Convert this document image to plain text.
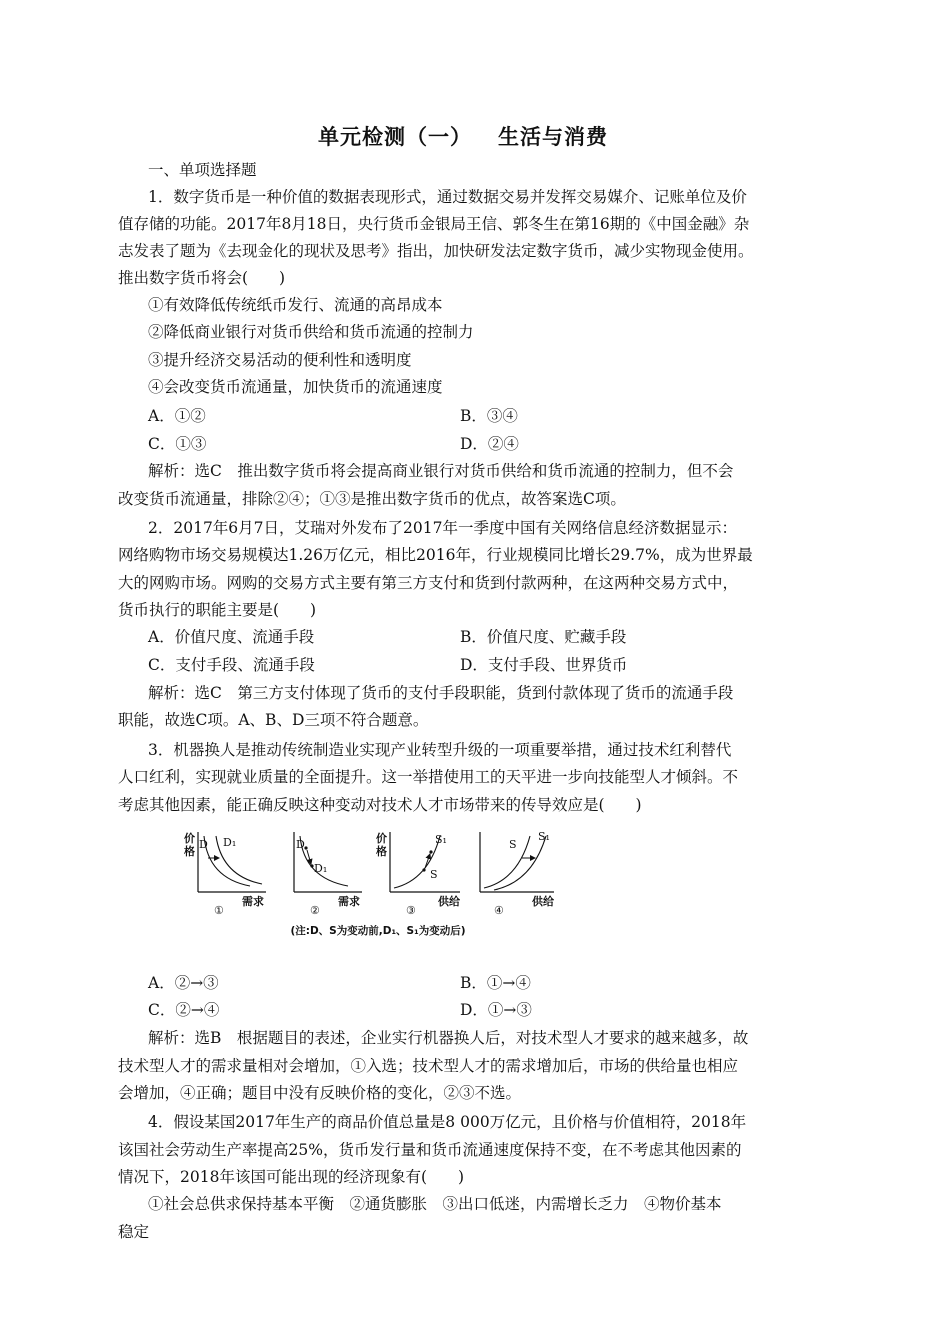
单元检测（一） 生活与消费
一、单项选择题
1．数字货币是一种价值的数据表现形式，通过数据交易并发挥交易媒介、记账单位及价
值存储的功能。2017年8月18日，央行货币金银局王信、郭冬生在第16期的《中国金融》杂
志发表了题为《去现金化的现状及思考》指出，加快研发法定数字货币，减少实物现金使用。
推出数字货币将会(　　)
①有效降低传统纸币发行、流通的高昂成本
②降低商业银行对货币供给和货币流通的控制力
③提升经济交易活动的便利性和透明度
④会改变货币流通量，加快货币的流通速度
A．①②	B．③④
C．①③	D．②④
解析：选C　推出数字货币将会提高商业银行对货币供给和货币流通的控制力，但不会
改变货币流通量，排除②④；①③是推出数字货币的优点，故答案选C项。
2．2017年6月7日，艾瑞对外发布了2017年一季度中国有关网络信息经济数据显示：
网络购物市场交易规模达1.26万亿元，相比2016年，行业规模同比增长29.7%，成为世界最
大的网购市场。网购的交易方式主要有第三方支付和货到付款两种，在这两种交易方式中，
货币执行的职能主要是(　　)
A．价值尺度、流通手段	B．价值尺度、贮藏手段
C．支付手段、流通手段	D．支付手段、世界货币
解析：选C　第三方支付体现了货币的支付手段职能，货到付款体现了货币的流通手段
职能，故选C项。A、B、D三项不符合题意。
3．机器换人是推动传统制造业实现产业转型升级的一项重要举措，通过技术红利替代
人口红利，实现就业质量的全面提升。这一举措使用工的天平进一步向技能型人才倾斜。不
考虑其他因素，能正确反映这种变动对技术人才市场带来的传导效应是(　　)
价
格
D D₁
需求
①
D
D₁
需求
②
价
格
S
S₁
供给
③
S
S₁
供给
④
(注:D、S为变动前,D₁、S₁为变动后)
A．②→③	B．①→④
C．②→④	D．①→③
解析：选B　根据题目的表述，企业实行机器换人后，对技术型人才要求的越来越多，故
技术型人才的需求量相对会增加，①入选；技术型人才的需求增加后，市场的供给量也相应
会增加，④正确；题目中没有反映价格的变化，②③不选。
4．假设某国2017年生产的商品价值总量是8 000万亿元，且价格与价值相符，2018年
该国社会劳动生产率提高25%，货币发行量和货币流通速度保持不变，在不考虑其他因素的
情况下，2018年该国可能出现的经济现象有(　　)
①社会总供求保持基本平衡　②通货膨胀　③出口低迷，内需增长乏力　④物价基本
稳定
